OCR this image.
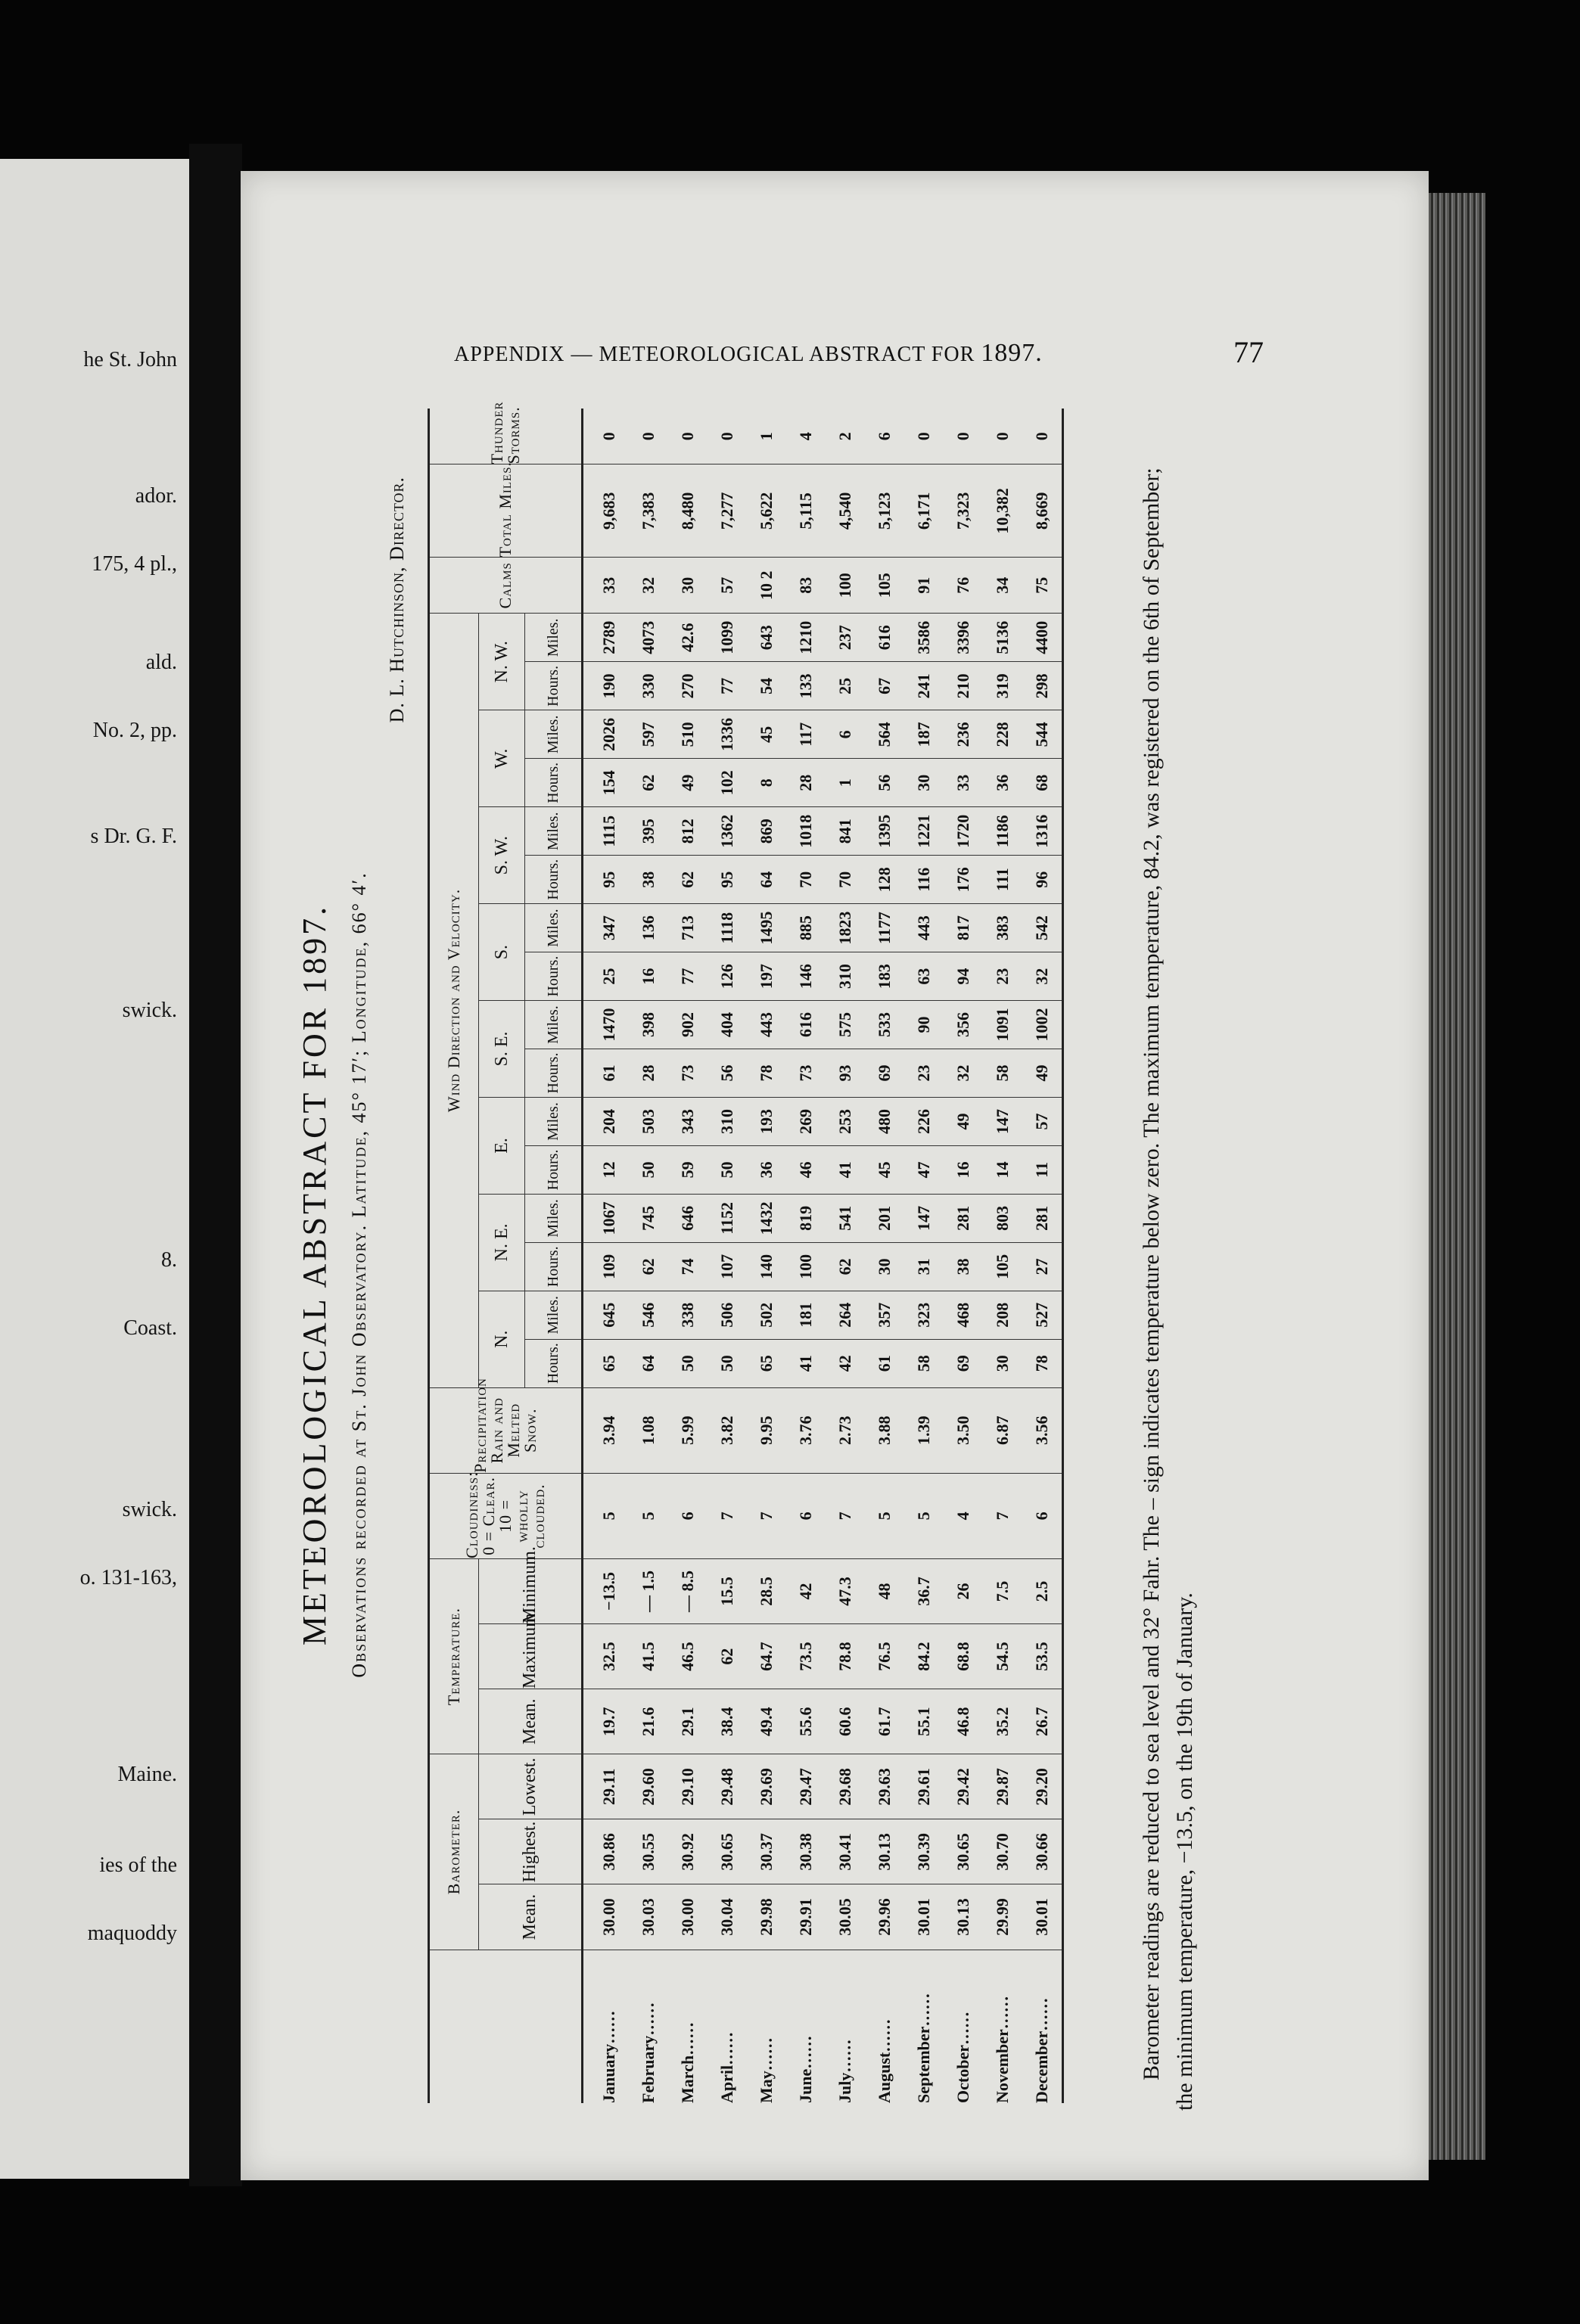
he St. John
ador.
175, 4 pl.,
ald.
No. 2, pp.
s Dr. G. F.
swick.
8.
Coast.
swick.
o. 131-163,
Maine.
ies of the
maquoddy
APPENDIX — METEOROLOGICAL ABSTRACT FOR 1897.	77
METEOROLOGICAL ABSTRACT FOR 1897. Observations recorded at St. John Observatory. Latitude, 45° 17′; Longitude, 66° 4′.
D. L. Hutchinson, Director.
	Barometer.			Temperature.			Cloudiness: 0 = Clear. 10 = wholly clouded.	Precipitation Rain and Melted Snow.	Wind Direction and Velocity.																Calms	Total Miles.	Thunder Storms.
	Mean.	Highest.	Lowest.	Mean.	Maximum.	Minimum.			N.		N. E.		E.		S. E.		S.		S. W.		W.		N. W.				
									Hours.	Miles.	Hours.	Miles.	Hours.	Miles.	Hours.	Miles.	Hours.	Miles.	Hours.	Miles.	Hours.	Miles.	Hours.	Miles.			
January……	30.00	30.86	29.11	19.7	32.5	−13.5	5	3.94	65	645	109	1067	12	204	61	1470	25	347	95	1115	154	2026	190	2789	33	9,683	0
February……	30.03	30.55	29.60	21.6	41.5	— 1.5	5	1.08	64	546	62	745	50	503	28	398	16	136	38	395	62	597	330	4073	32	7,383	0
March……	30.00	30.92	29.10	29.1	46.5	— 8.5	6	5.99	50	338	74	646	59	343	73	902	77	713	62	812	49	510	270	42.6	30	8,480	0
April……	30.04	30.65	29.48	38.4	62	15.5	7	3.82	50	506	107	1152	50	310	56	404	126	1118	95	1362	102	1336	77	1099	57	7,277	0
May……	29.98	30.37	29.69	49.4	64.7	28.5	7	9.95	65	502	140	1432	36	193	78	443	197	1495	64	869	8	45	54	643	10 2	5,622	1
June……	29.91	30.38	29.47	55.6	73.5	42	6	3.76	41	181	100	819	46	269	73	616	146	885	70	1018	28	117	133	1210	83	5,115	4
July……	30.05	30.41	29.68	60.6	78.8	47.3	7	2.73	42	264	62	541	41	253	93	575	310	1823	70	841	1	6	25	237	100	4,540	2
August……	29.96	30.13	29.63	61.7	76.5	48	5	3.88	61	357	30	201	45	480	69	533	183	1177	128	1395	56	564	67	616	105	5,123	6
September……	30.01	30.39	29.61	55.1	84.2	36.7	5	1.39	58	323	31	147	47	226	23	90	63	443	116	1221	30	187	241	3586	91	6,171	0
October……	30.13	30.65	29.42	46.8	68.8	26	4	3.50	69	468	38	281	16	49	32	356	94	817	176	1720	33	236	210	3396	76	7,323	0
November……	29.99	30.70	29.87	35.2	54.5	7.5	7	6.87	30	208	105	803	14	147	58	1091	23	383	111	1186	36	228	319	5136	34	10,382	0
December……	30.01	30.66	29.20	26.7	53.5	2.5	6	3.56	78	527	27	281	11	57	49	1002	32	542	96	1316	68	544	298	4400	75	8,669	0

Barometer readings are reduced to sea level and 32° Fahr. The – sign indicates temperature below zero. The maximum temperature, 84.2, was registered on the 6th of September; the minimum temperature, −13.5, on the 19th of January.
